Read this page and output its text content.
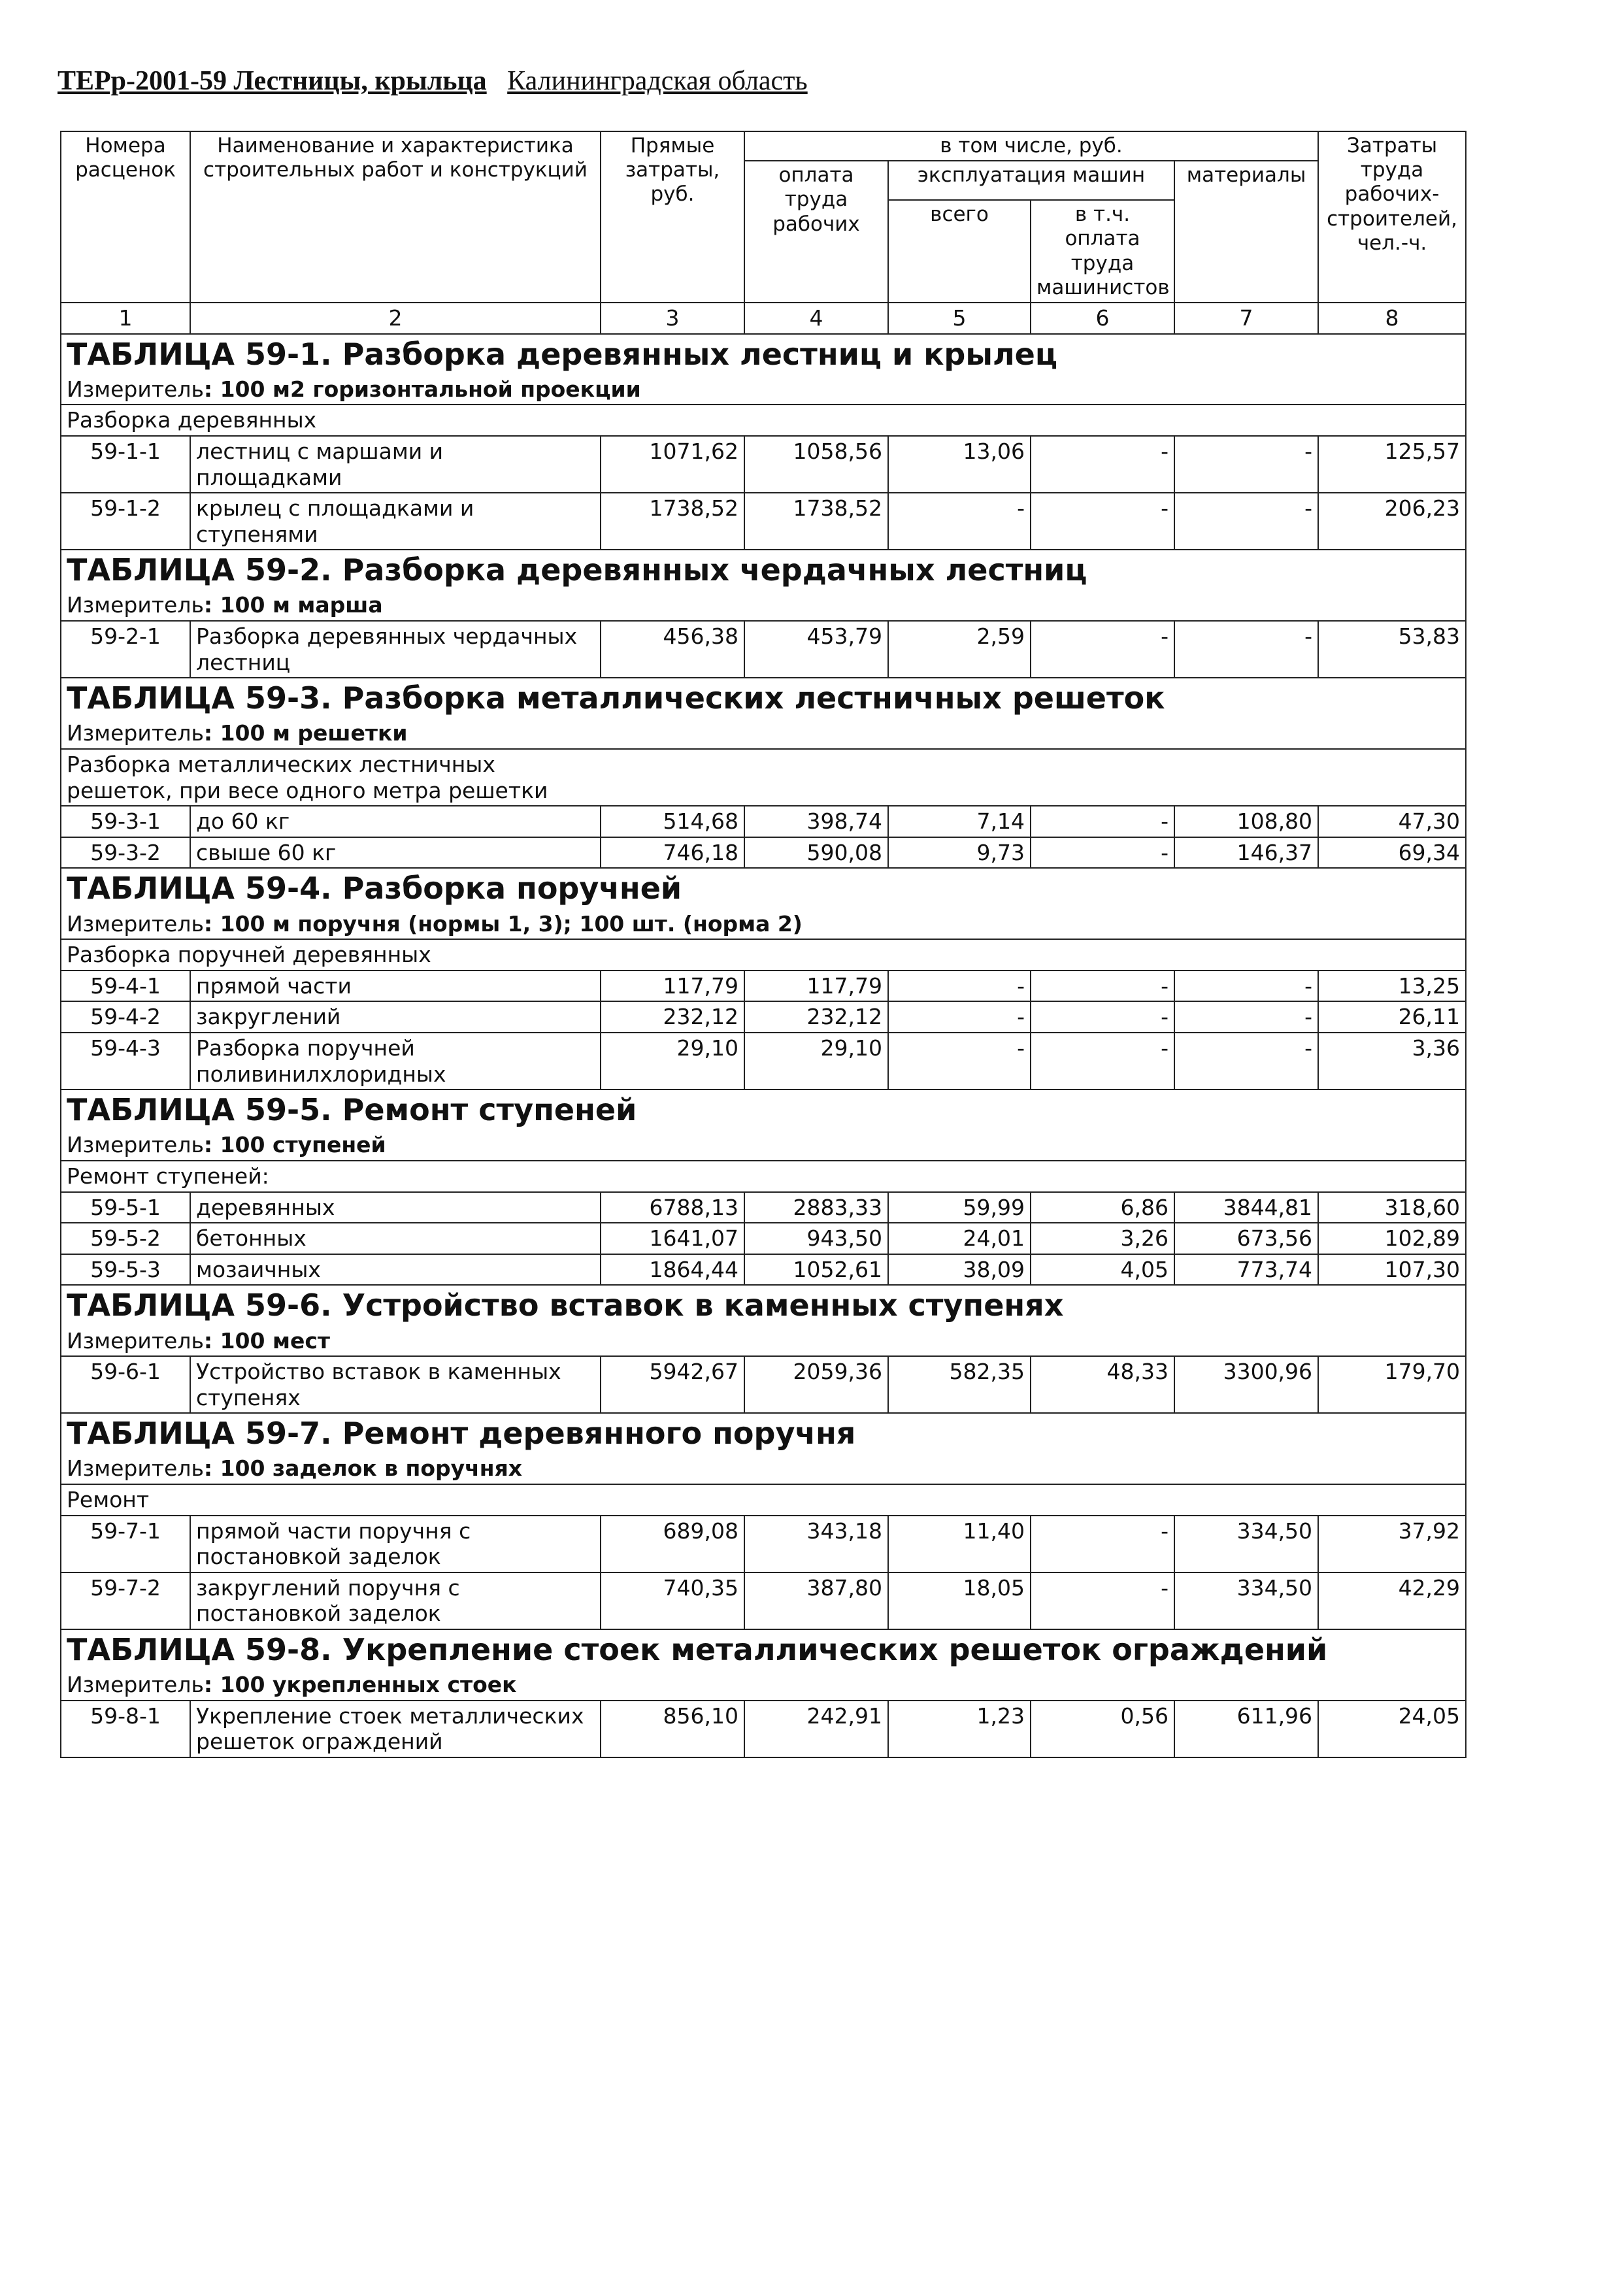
ТЕРр-2001-59 Лестницы, крыльца Калининградская область
Номера расценок	Наименование и характеристика строительных работ и конструкций	Прямые затраты, руб.	в том числе, руб.				Затраты труда рабочих-строителей, чел.-ч.
			оплата труда рабочих	эксплуатация машин		материалы	
				всего	в т.ч. оплата труда машинистов		
1	2	3	4	5	6	7	8
ТАБЛИЦА 59-1. Разборка деревянных лестниц и крылец							
Измеритель: 100 м2 горизонтальной проекции							
Разборка деревянных							
59-1-1	лестниц с маршами и площадками	1071,62	1058,56	13,06	-	-	125,57
59-1-2	крылец с площадками и ступенями	1738,52	1738,52	-	-	-	206,23
ТАБЛИЦА 59-2. Разборка деревянных чердачных лестниц							
Измеритель: 100 м марша							
59-2-1	Разборка деревянных чердачных лестниц	456,38	453,79	2,59	-	-	53,83
ТАБЛИЦА 59-3. Разборка металлических лестничных решеток							
Измеритель: 100 м решетки							
Разборка металлических лестничных решеток, при весе одного метра решетки							
59-3-1	до 60 кг	514,68	398,74	7,14	-	108,80	47,30
59-3-2	свыше 60 кг	746,18	590,08	9,73	-	146,37	69,34
ТАБЛИЦА 59-4. Разборка поручней							
Измеритель: 100 м поручня (нормы 1, 3); 100 шт. (норма 2)							
Разборка поручней деревянных							
59-4-1	прямой части	117,79	117,79	-	-	-	13,25
59-4-2	закруглений	232,12	232,12	-	-	-	26,11
59-4-3	Разборка поручней поливинилхлоридных	29,10	29,10	-	-	-	3,36
ТАБЛИЦА 59-5. Ремонт ступеней							
Измеритель: 100 ступеней							
Ремонт ступеней:							
59-5-1	деревянных	6788,13	2883,33	59,99	6,86	3844,81	318,60
59-5-2	бетонных	1641,07	943,50	24,01	3,26	673,56	102,89
59-5-3	мозаичных	1864,44	1052,61	38,09	4,05	773,74	107,30
ТАБЛИЦА 59-6. Устройство вставок в каменных ступенях							
Измеритель: 100 мест							
59-6-1	Устройство вставок в каменных ступенях	5942,67	2059,36	582,35	48,33	3300,96	179,70
ТАБЛИЦА 59-7. Ремонт деревянного поручня							
Измеритель: 100 заделок в поручнях							
Ремонт							
59-7-1	прямой части поручня с постановкой заделок	689,08	343,18	11,40	-	334,50	37,92
59-7-2	закруглений поручня с постановкой заделок	740,35	387,80	18,05	-	334,50	42,29
ТАБЛИЦА 59-8. Укрепление стоек металлических решеток ограждений							
Измеритель: 100 укрепленных стоек							
59-8-1	Укрепление стоек металлических решеток ограждений	856,10	242,91	1,23	0,56	611,96	24,05
